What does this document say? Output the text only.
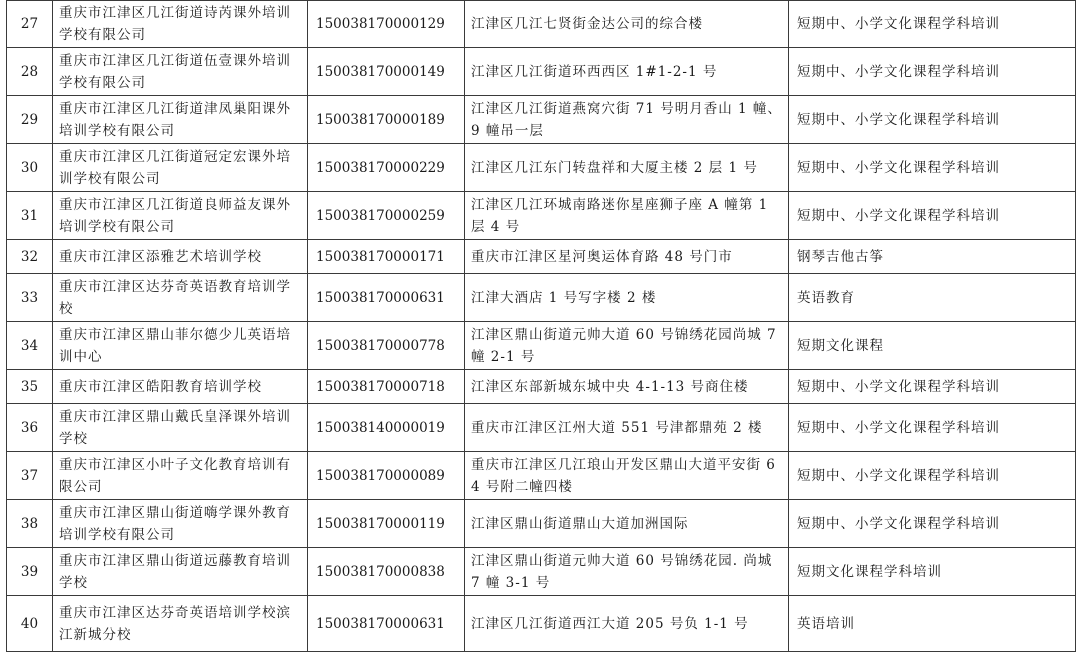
27	重庆市江津区几江街道诗芮课外培训学校有限公司	150038170000129	江津区几江七贤街金达公司的综合楼	短期中、小学文化课程学科培训
28	重庆市江津区几江街道伍壹课外培训学校有限公司	150038170000149	江津区几江街道环西西区 1#1-2-1 号	短期中、小学文化课程学科培训
29	重庆市江津区几江街道津凤巢阳课外培训学校有限公司	150038170000189	江津区几江街道燕窝穴街 71 号明月香山 1 幢、9 幢吊一层	短期中、小学文化课程学科培训
30	重庆市江津区几江街道冠定宏课外培训学校有限公司	150038170000229	江津区几江东门转盘祥和大厦主楼 2 层 1 号	短期中、小学文化课程学科培训
31	重庆市江津区几江街道良师益友课外培训学校有限公司	150038170000259	江津区几江环城南路迷你星座狮子座 A 幢第 1 层 4 号	短期中、小学文化课程学科培训
32	重庆市江津区添雅艺术培训学校	150038170000171	重庆市江津区星河奥运体育路 48 号门市	钢琴吉他古筝
33	重庆市江津区达芬奇英语教育培训学校	150038170000631	江津大酒店 1 号写字楼 2 楼	英语教育
34	重庆市江津区鼎山菲尔德少儿英语培训中心	150038170000778	江津区鼎山街道元帅大道 60 号锦绣花园尚城 7 幢 2-1 号	短期文化课程
35	重庆市江津区皓阳教育培训学校	150038170000718	江津区东部新城东城中央 4-1-13 号商住楼	短期中、小学文化课程学科培训
36	重庆市江津区鼎山戴氏皇泽课外培训学校	150038140000019	重庆市江津区江州大道 551 号津都鼎苑 2 楼	短期中、小学文化课程学科培训
37	重庆市江津区小叶子文化教育培训有限公司	150038170000089	重庆市江津区几江琅山开发区鼎山大道平安街 64 号附二幢四楼	短期中、小学文化课程学科培训
38	重庆市江津区鼎山街道嗨学课外教育培训学校有限公司	150038170000119	江津区鼎山街道鼎山大道加洲国际	短期中、小学文化课程学科培训
39	重庆市江津区鼎山街道远藤教育培训学校	150038170000838	江津区鼎山街道元帅大道 60 号锦绣花园. 尚城 7 幢 3-1 号	短期文化课程学科培训
40	重庆市江津区达芬奇英语培训学校滨江新城分校	150038170000631	江津区几江街道西江大道 205 号负 1-1 号	英语培训
